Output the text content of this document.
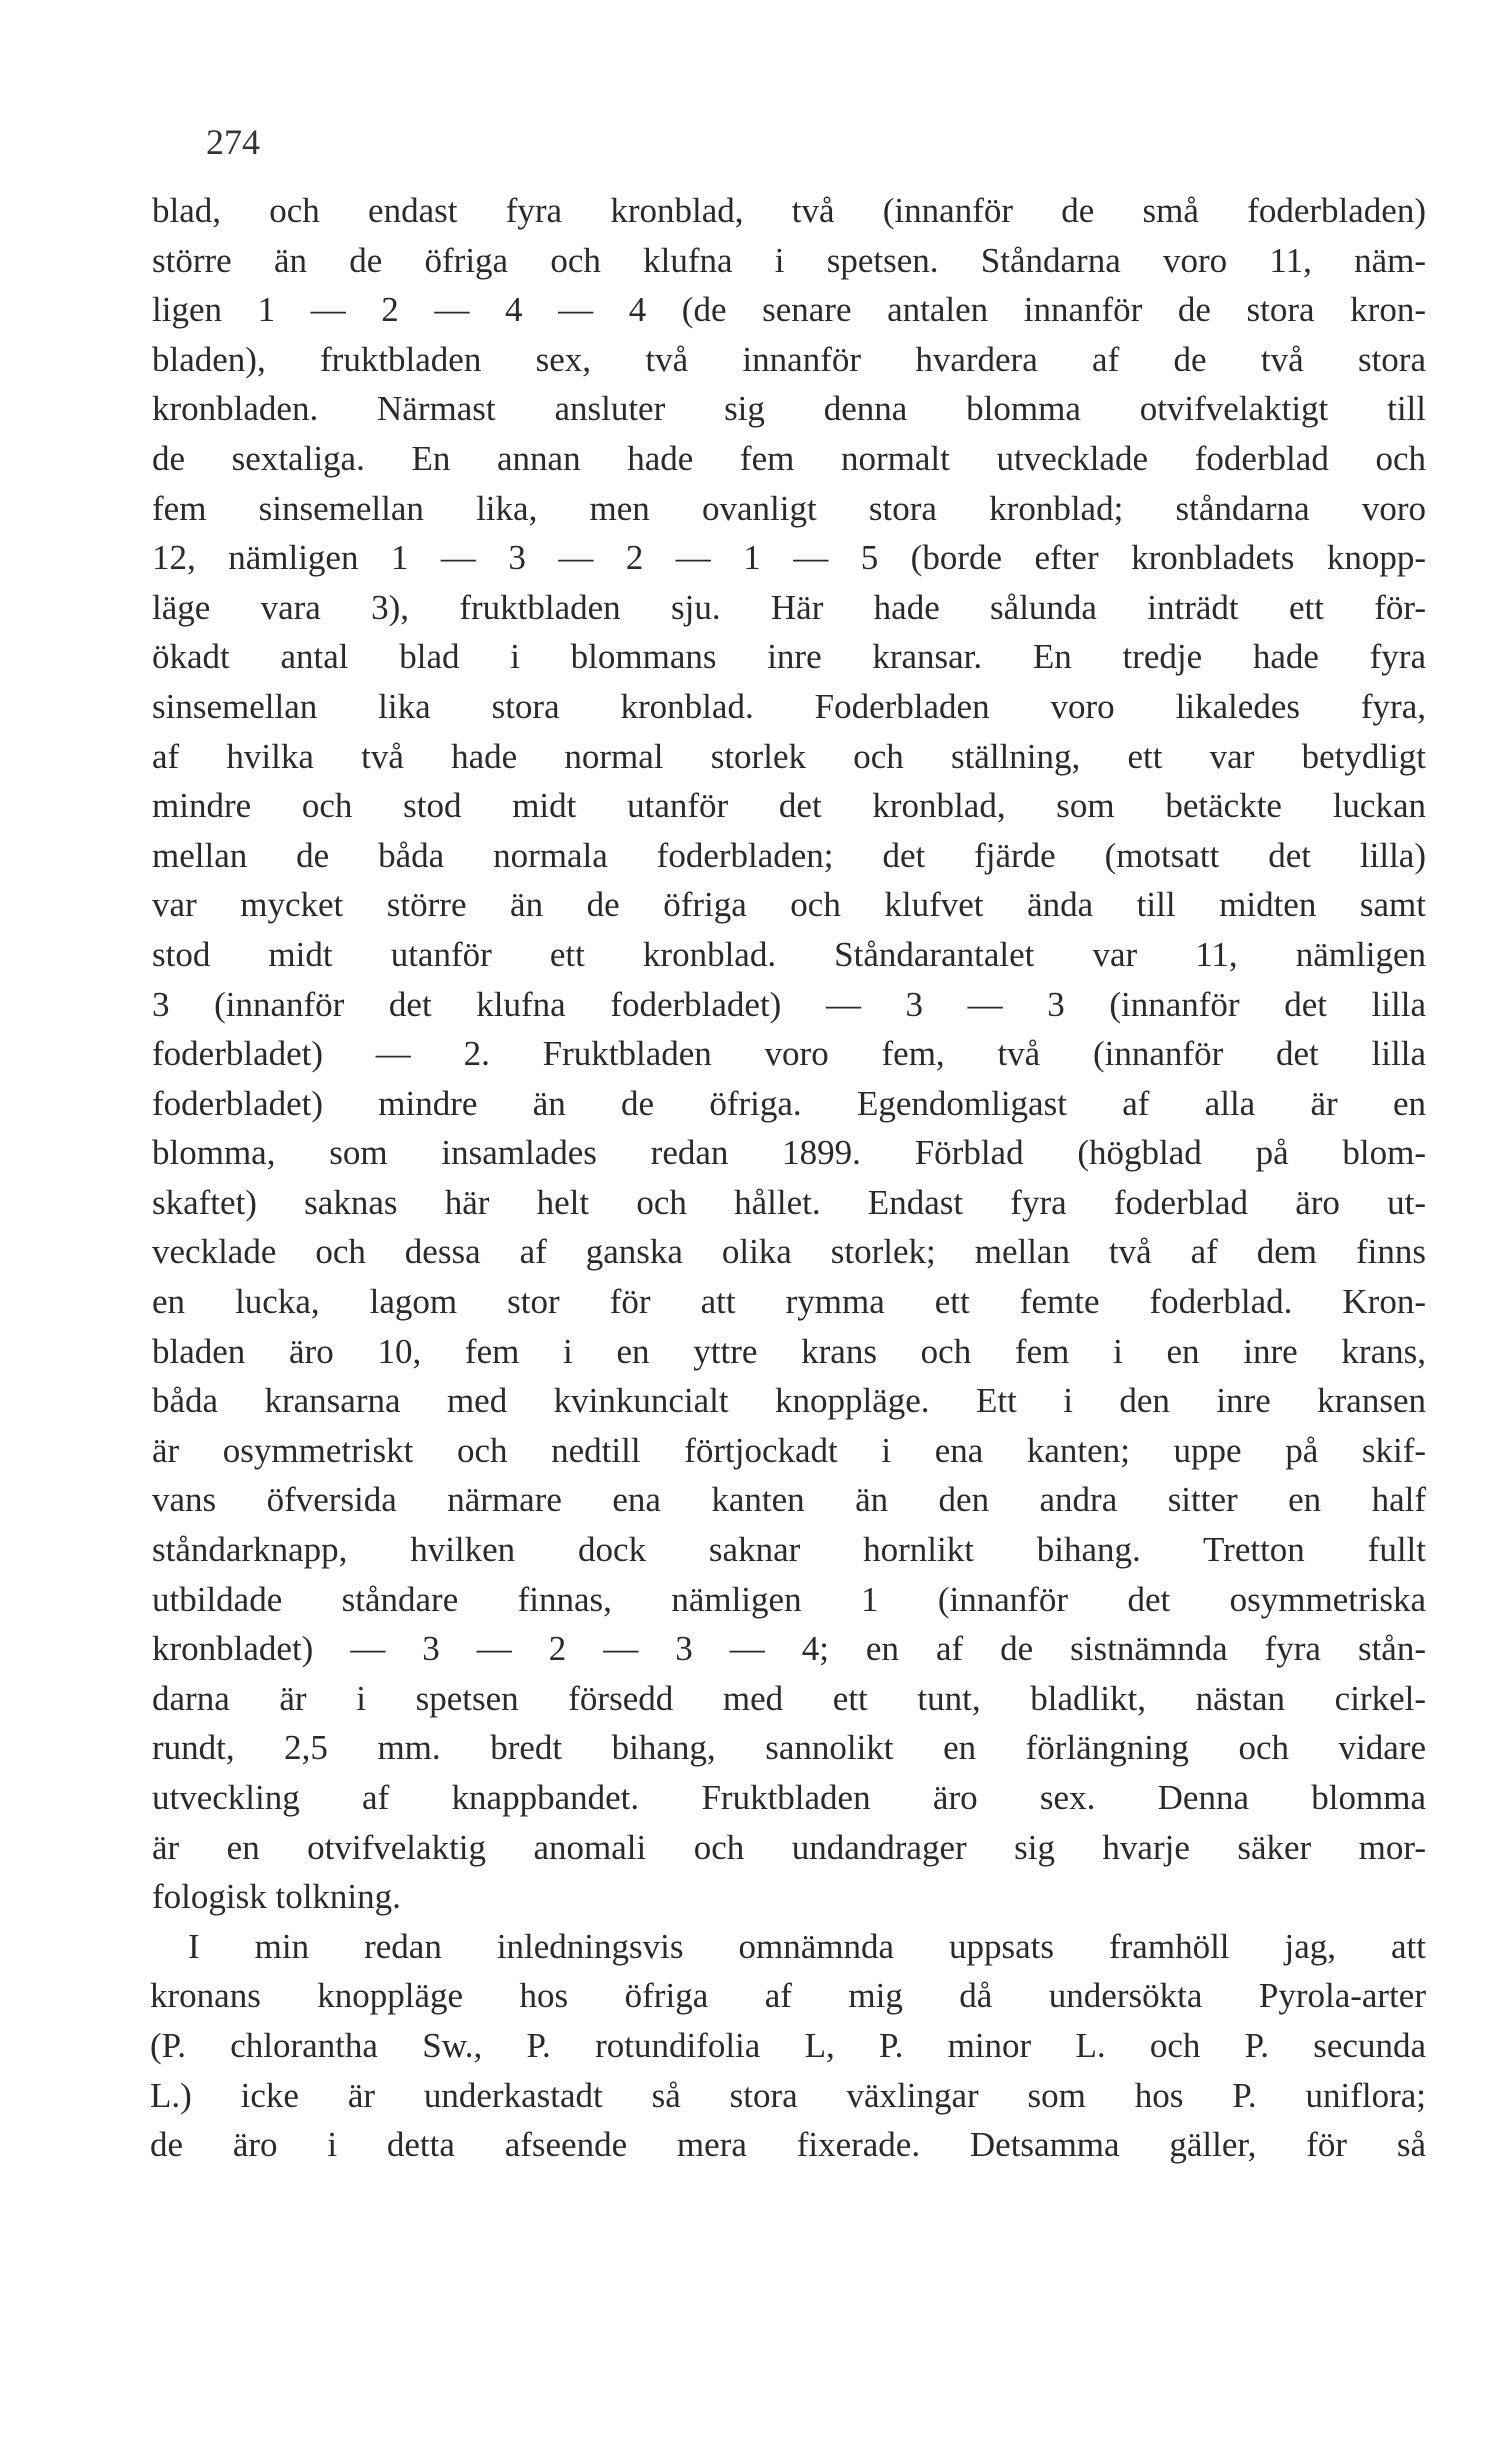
274
blad, och endast fyra kronblad, två (innanför de små foderbladen)
större än de öfriga och klufna i spetsen. Ståndarna voro 11, näm-
ligen 1 — 2 — 4 — 4 (de senare antalen innanför de stora kron-
bladen), fruktbladen sex, två innanför hvardera af de två stora
kronbladen. Närmast ansluter sig denna blomma otvifvelaktigt till
de sextaliga. En annan hade fem normalt utvecklade foderblad och
fem sinsemellan lika, men ovanligt stora kronblad; ståndarna voro
12, nämligen 1 — 3 — 2 — 1 — 5 (borde efter kronbladets knopp-
läge vara 3), fruktbladen sju. Här hade sålunda inträdt ett för-
ökadt antal blad i blommans inre kransar. En tredje hade fyra
sinsemellan lika stora kronblad. Foderbladen voro likaledes fyra,
af hvilka två hade normal storlek och ställning, ett var betydligt
mindre och stod midt utanför det kronblad, som betäckte luckan
mellan de båda normala foderbladen; det fjärde (motsatt det lilla)
var mycket större än de öfriga och klufvet ända till midten samt
stod midt utanför ett kronblad. Ståndarantalet var 11, nämligen
3 (innanför det klufna foderbladet) — 3 — 3 (innanför det lilla
foderbladet) — 2. Fruktbladen voro fem, två (innanför det lilla
foderbladet) mindre än de öfriga. Egendomligast af alla är en
blomma, som insamlades redan 1899. Förblad (högblad på blom-
skaftet) saknas här helt och hållet. Endast fyra foderblad äro ut-
vecklade och dessa af ganska olika storlek; mellan två af dem finns
en lucka, lagom stor för att rymma ett femte foderblad. Kron-
bladen äro 10, fem i en yttre krans och fem i en inre krans,
båda kransarna med kvinkuncialt knoppläge. Ett i den inre kransen
är osymmetriskt och nedtill förtjockadt i ena kanten; uppe på skif-
vans öfversida närmare ena kanten än den andra sitter en half
ståndarknapp, hvilken dock saknar hornlikt bihang. Tretton fullt
utbildade ståndare finnas, nämligen 1 (innanför det osymmetriska
kronbladet) — 3 — 2 — 3 — 4; en af de sistnämnda fyra stån-
darna är i spetsen försedd med ett tunt, bladlikt, nästan cirkel-
rundt, 2,5 mm. bredt bihang, sannolikt en förlängning och vidare
utveckling af knappbandet. Fruktbladen äro sex. Denna blomma
är en otvifvelaktig anomali och undandrager sig hvarje säker mor-
fologisk tolkning.
I min redan inledningsvis omnämnda uppsats framhöll jag, att
kronans knoppläge hos öfriga af mig då undersökta Pyrola-arter
(P. chlorantha Sw., P. rotundifolia L, P. minor L. och P. secunda
L.) icke är underkastadt så stora växlingar som hos P. uniflora;
de äro i detta afseende mera fixerade. Detsamma gäller, för så
